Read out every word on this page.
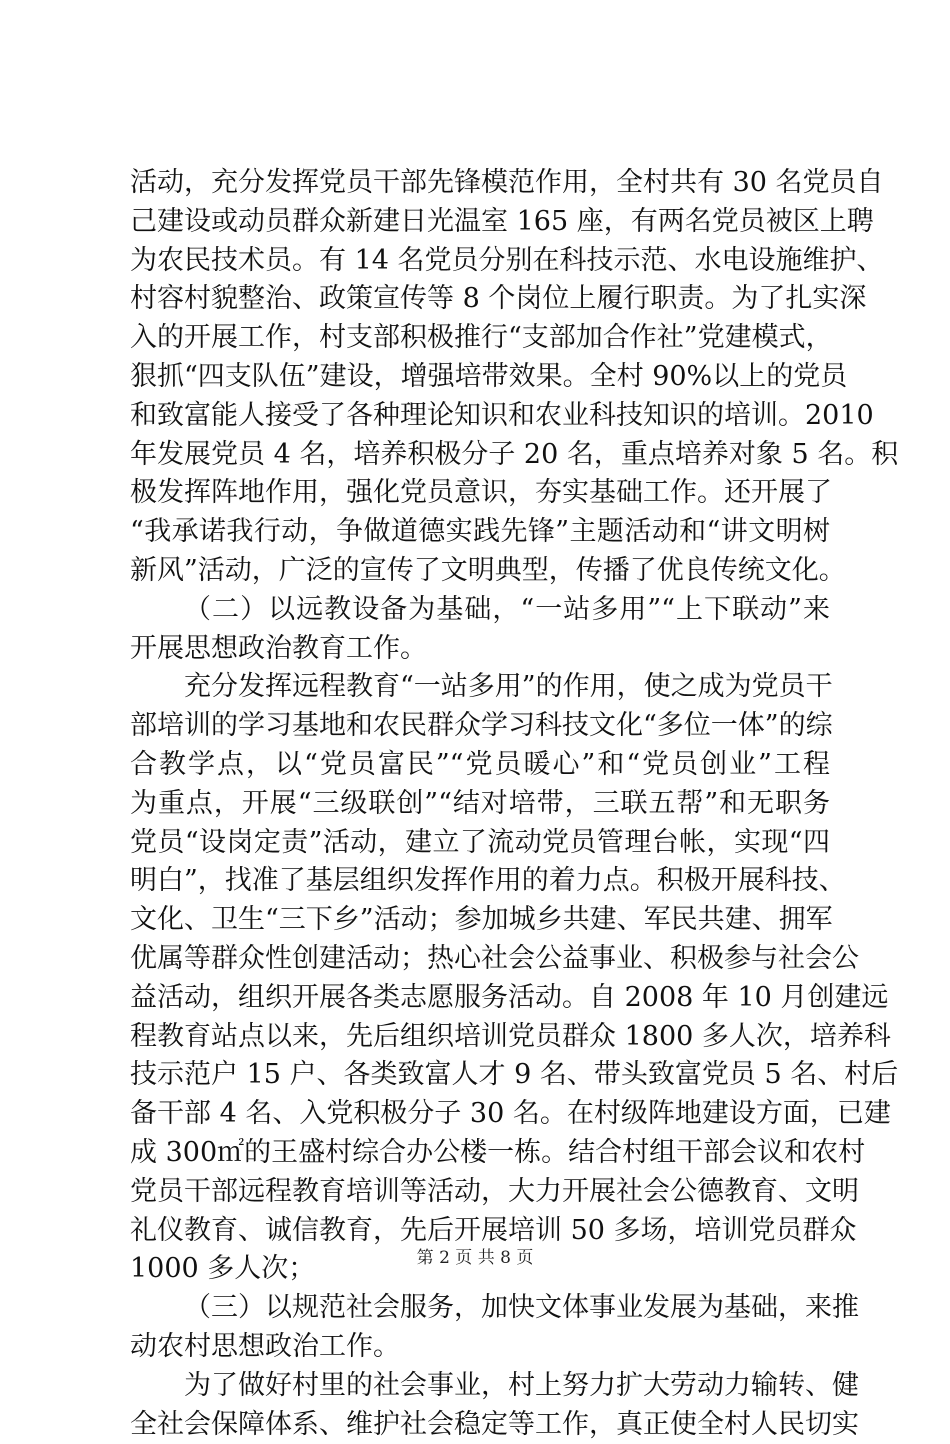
活动，充分发挥党员干部先锋模范作用，全村共有 30 名党员自
己建设或动员群众新建日光温室 165 座，有两名党员被区上聘
为农民技术员。有 14 名党员分别在科技示范、水电设施维护、
村容村貌整治、政策宣传等 8 个岗位上履行职责。为了扎实深
入的开展工作，村支部积极推行“支部加合作社”党建模式，
狠抓“四支队伍”建设，增强培带效果。全村 90%以上的党员
和致富能人接受了各种理论知识和农业科技知识的培训。2010
年发展党员 4 名，培养积极分子 20 名，重点培养对象 5 名。积
极发挥阵地作用，强化党员意识，夯实基础工作。还开展了
“我承诺我行动，争做道德实践先锋”主题活动和“讲文明树
新风”活动，广泛的宣传了文明典型，传播了优良传统文化。
（二）以远教设备为基础，“一站多用”“上下联动”来
开展思想政治教育工作。
充分发挥远程教育“一站多用”的作用，使之成为党员干
部培训的学习基地和农民群众学习科技文化“多位一体”的综
合教学点，以“党员富民”“党员暖心”和“党员创业”工程
为重点，开展“三级联创”“结对培带，三联五帮”和无职务
党员“设岗定责”活动，建立了流动党员管理台帐，实现“四
明白”，找准了基层组织发挥作用的着力点。积极开展科技、
文化、卫生“三下乡”活动；参加城乡共建、军民共建、拥军
优属等群众性创建活动；热心社会公益事业、积极参与社会公
益活动，组织开展各类志愿服务活动。自 2008 年 10 月创建远
程教育站点以来，先后组织培训党员群众 1800 多人次，培养科
技示范户 15 户、各类致富人才 9 名、带头致富党员 5 名、村后
备干部 4 名、入党积极分子 30 名。在村级阵地建设方面，已建
成 300㎡的王盛村综合办公楼一栋。结合村组干部会议和农村
党员干部远程教育培训等活动，大力开展社会公德教育、文明
礼仪教育、诚信教育，先后开展培训 50 多场，培训党员群众
1000 多人次；
（三）以规范社会服务，加快文体事业发展为基础，来推
动农村思想政治工作。
为了做好村里的社会事业，村上努力扩大劳动力输转、健
全社会保障体系、维护社会稳定等工作，真正使全村人民切实
第 2 页 共 8 页
